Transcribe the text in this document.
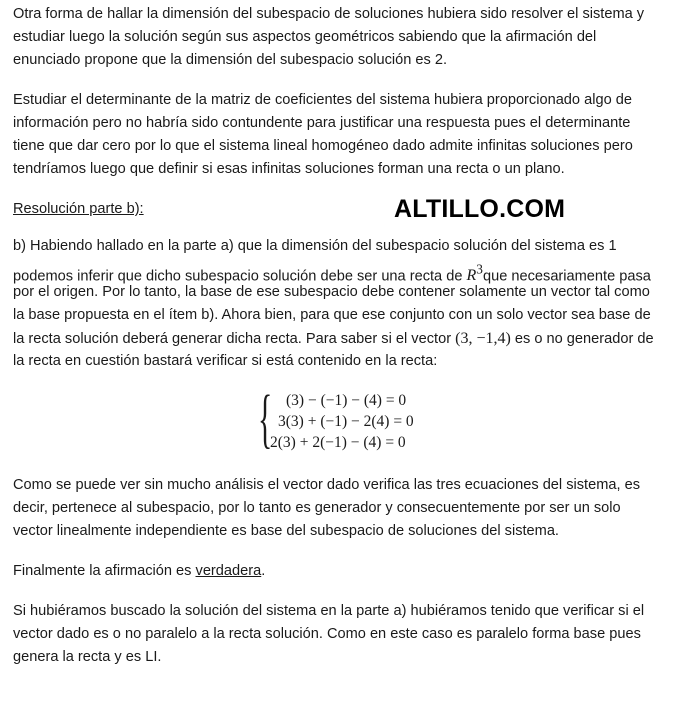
Otra forma de hallar la dimensión del subespacio de soluciones hubiera sido resolver el sistema y
estudiar luego la solución según sus aspectos geométricos sabiendo que la afirmación del
enunciado propone que la dimensión del subespacio solución es 2.
Estudiar el determinante de la matriz de coeficientes del sistema hubiera proporcionado algo de
información pero no habría sido contundente para justificar una respuesta pues el determinante
tiene que dar cero por lo que el sistema lineal homogéneo dado admite infinitas soluciones pero
tendríamos luego que definir si esas infinitas soluciones forman una recta o un plano.
Resolución parte b):	ALTILLO.COM
b) Habiendo hallado en la parte a) que la dimensión del subespacio solución del sistema es 1
podemos inferir que dicho subespacio solución debe ser una recta de $R^3que$ necesariamente pasa
por el origen. Por lo tanto, la base de ese subespacio debe contener solamente un vector tal como
la base propuesta en el ítem b). Ahora bien, para que ese conjunto con un solo vector sea base de
la recta solución deberá generar dicha recta. Para saber si el vector (3, −1,4) es o no generador de
la recta en cuestión bastará verificar si está contenido en la recta:
{ (3) − (−1) − (4) = 0
3(3) + (−1) − 2(4) = 0
2(3) + 2(−1) − (4) = 0
Como se puede ver sin mucho análisis el vector dado verifica las tres ecuaciones del sistema, es
decir, pertenece al subespacio, por lo tanto es generador y consecuentemente por ser un solo
vector linealmente independiente es base del subespacio de soluciones del sistema.
Finalmente la afirmación es verdadera.
Si hubiéramos buscado la solución del sistema en la parte a) hubiéramos tenido que verificar si el
vector dado es o no paralelo a la recta solución. Como en este caso es paralelo forma base pues
genera la recta y es LI.
